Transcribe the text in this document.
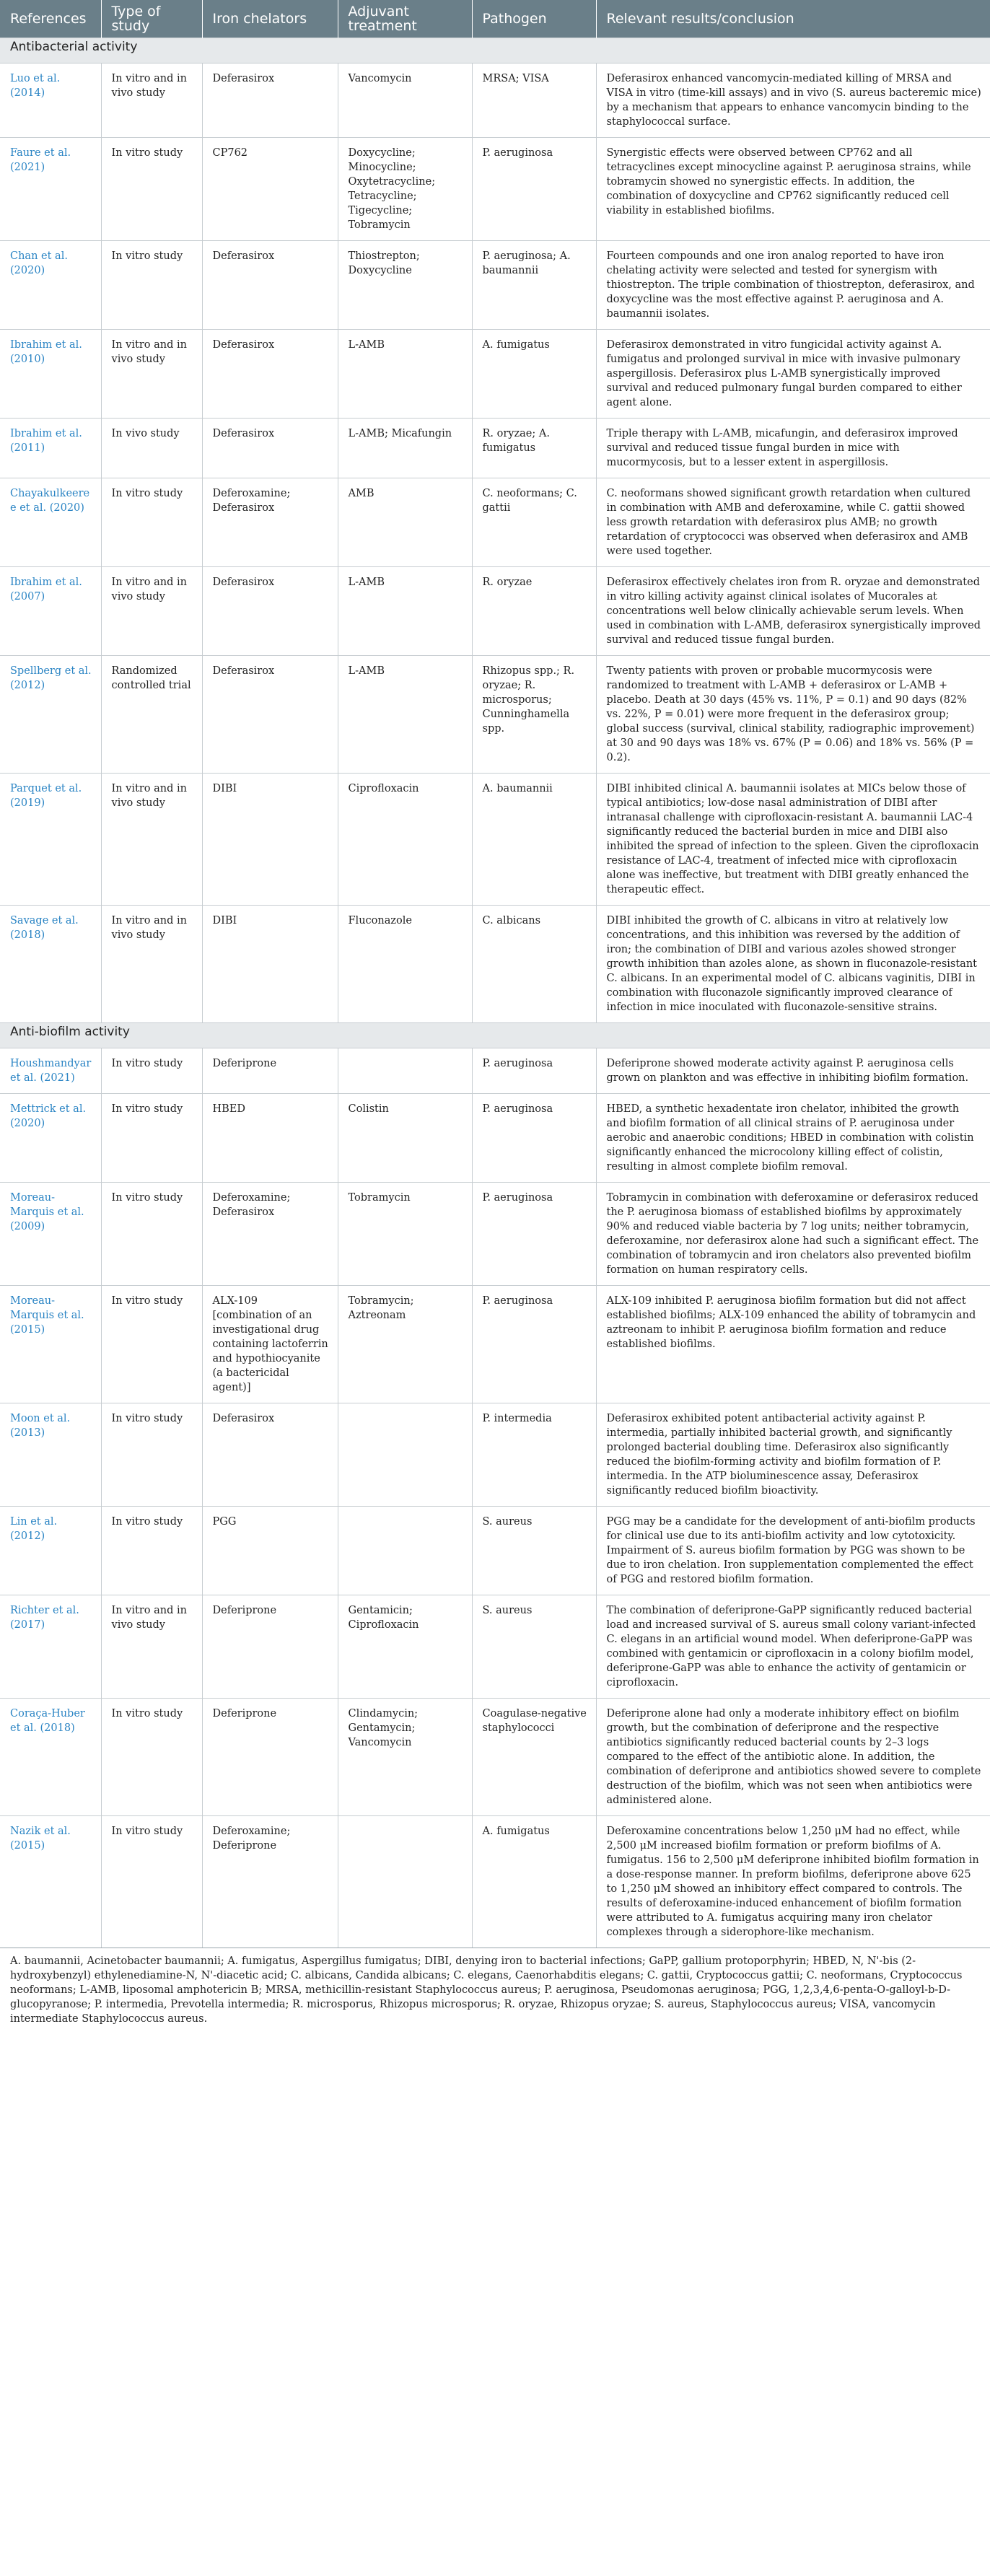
References	Type of study	Iron chelators	Adjuvant treatment	Pathogen	Relevant results/conclusion
Antibacterial activity					
Luo et al. (2014)	In vitro and in vivo study	Deferasirox	Vancomycin	MRSA; VISA	Deferasirox enhanced vancomycin-mediated killing of MRSA and VISA in vitro (time-kill assays) and in vivo (S. aureus bacteremic mice) by a mechanism that appears to enhance vancomycin binding to the staphylococcal surface.
Faure et al. (2021)	In vitro study	CP762	Doxycycline; Minocycline; Oxytetracycline; Tetracycline; Tigecycline; Tobramycin	P. aeruginosa	Synergistic effects were observed between CP762 and all tetracyclines except minocycline against P. aeruginosa strains, while tobramycin showed no synergistic effects. In addition, the combination of doxycycline and CP762 significantly reduced cell viability in established biofilms.
Chan et al. (2020)	In vitro study	Deferasirox	Thiostrepton; Doxycycline	P. aeruginosa; A. baumannii	Fourteen compounds and one iron analog reported to have iron chelating activity were selected and tested for synergism with thiostrepton. The triple combination of thiostrepton, deferasirox, and doxycycline was the most effective against P. aeruginosa and A. baumannii isolates.
Ibrahim et al. (2010)	In vitro and in vivo study	Deferasirox	L-AMB	A. fumigatus	Deferasirox demonstrated in vitro fungicidal activity against A. fumigatus and prolonged survival in mice with invasive pulmonary aspergillosis. Deferasirox plus L-AMB synergistically improved survival and reduced pulmonary fungal burden compared to either agent alone.
Ibrahim et al. (2011)	In vivo study	Deferasirox	L-AMB; Micafungin	R. oryzae; A. fumigatus	Triple therapy with L-AMB, micafungin, and deferasirox improved survival and reduced tissue fungal burden in mice with mucormycosis, but to a lesser extent in aspergillosis.
Chayakulkeeree et al. (2020)	In vitro study	Deferoxamine; Deferasirox	AMB	C. neoformans; C. gattii	C. neoformans showed significant growth retardation when cultured in combination with AMB and deferoxamine, while C. gattii showed less growth retardation with deferasirox plus AMB; no growth retardation of cryptococci was observed when deferasirox and AMB were used together.
Ibrahim et al. (2007)	In vitro and in vivo study	Deferasirox	L-AMB	R. oryzae	Deferasirox effectively chelates iron from R. oryzae and demonstrated in vitro killing activity against clinical isolates of Mucorales at concentrations well below clinically achievable serum levels. When used in combination with L-AMB, deferasirox synergistically improved survival and reduced tissue fungal burden.
Spellberg et al. (2012)	Randomized controlled trial	Deferasirox	L-AMB	Rhizopus spp.; R. oryzae; R. microsporus; Cunninghamella spp.	Twenty patients with proven or probable mucormycosis were randomized to treatment with L-AMB + deferasirox or L-AMB + placebo. Death at 30 days (45% vs. 11%, P = 0.1) and 90 days (82% vs. 22%, P = 0.01) were more frequent in the deferasirox group; global success (survival, clinical stability, radiographic improvement) at 30 and 90 days was 18% vs. 67% (P = 0.06) and 18% vs. 56% (P = 0.2).
Parquet et al. (2019)	In vitro and in vivo study	DIBI	Ciprofloxacin	A. baumannii	DIBI inhibited clinical A. baumannii isolates at MICs below those of typical antibiotics; low-dose nasal administration of DIBI after intranasal challenge with ciprofloxacin-resistant A. baumannii LAC-4 significantly reduced the bacterial burden in mice and DIBI also inhibited the spread of infection to the spleen. Given the ciprofloxacin resistance of LAC-4, treatment of infected mice with ciprofloxacin alone was ineffective, but treatment with DIBI greatly enhanced the therapeutic effect.
Savage et al. (2018)	In vitro and in vivo study	DIBI	Fluconazole	C. albicans	DIBI inhibited the growth of C. albicans in vitro at relatively low concentrations, and this inhibition was reversed by the addition of iron; the combination of DIBI and various azoles showed stronger growth inhibition than azoles alone, as shown in fluconazole-resistant C. albicans. In an experimental model of C. albicans vaginitis, DIBI in combination with fluconazole significantly improved clearance of infection in mice inoculated with fluconazole-sensitive strains.
Anti-biofilm activity					
Houshmandyar et al. (2021)	In vitro study	Deferiprone		P. aeruginosa	Deferiprone showed moderate activity against P. aeruginosa cells grown on plankton and was effective in inhibiting biofilm formation.
Mettrick et al. (2020)	In vitro study	HBED	Colistin	P. aeruginosa	HBED, a synthetic hexadentate iron chelator, inhibited the growth and biofilm formation of all clinical strains of P. aeruginosa under aerobic and anaerobic conditions; HBED in combination with colistin significantly enhanced the microcolony killing effect of colistin, resulting in almost complete biofilm removal.
Moreau-Marquis et al. (2009)	In vitro study	Deferoxamine; Deferasirox	Tobramycin	P. aeruginosa	Tobramycin in combination with deferoxamine or deferasirox reduced the P. aeruginosa biomass of established biofilms by approximately 90% and reduced viable bacteria by 7 log units; neither tobramycin, deferoxamine, nor deferasirox alone had such a significant effect. The combination of tobramycin and iron chelators also prevented biofilm formation on human respiratory cells.
Moreau-Marquis et al. (2015)	In vitro study	ALX-109 [combination of an investigational drug containing lactoferrin and hypothiocyanite (a bactericidal agent)]	Tobramycin; Aztreonam	P. aeruginosa	ALX-109 inhibited P. aeruginosa biofilm formation but did not affect established biofilms; ALX-109 enhanced the ability of tobramycin and aztreonam to inhibit P. aeruginosa biofilm formation and reduce established biofilms.
Moon et al. (2013)	In vitro study	Deferasirox		P. intermedia	Deferasirox exhibited potent antibacterial activity against P. intermedia, partially inhibited bacterial growth, and significantly prolonged bacterial doubling time. Deferasirox also significantly reduced the biofilm-forming activity and biofilm formation of P. intermedia. In the ATP bioluminescence assay, Deferasirox significantly reduced biofilm bioactivity.
Lin et al. (2012)	In vitro study	PGG		S. aureus	PGG may be a candidate for the development of anti-biofilm products for clinical use due to its anti-biofilm activity and low cytotoxicity. Impairment of S. aureus biofilm formation by PGG was shown to be due to iron chelation. Iron supplementation complemented the effect of PGG and restored biofilm formation.
Richter et al. (2017)	In vitro and in vivo study	Deferiprone	Gentamicin; Ciprofloxacin	S. aureus	The combination of deferiprone-GaPP significantly reduced bacterial load and increased survival of S. aureus small colony variant-infected C. elegans in an artificial wound model. When deferiprone-GaPP was combined with gentamicin or ciprofloxacin in a colony biofilm model, deferiprone-GaPP was able to enhance the activity of gentamicin or ciprofloxacin.
Coraça-Huber et al. (2018)	In vitro study	Deferiprone	Clindamycin; Gentamycin; Vancomycin	Coagulase-negative staphylococci	Deferiprone alone had only a moderate inhibitory effect on biofilm growth, but the combination of deferiprone and the respective antibiotics significantly reduced bacterial counts by 2–3 logs compared to the effect of the antibiotic alone. In addition, the combination of deferiprone and antibiotics showed severe to complete destruction of the biofilm, which was not seen when antibiotics were administered alone.
Nazik et al. (2015)	In vitro study	Deferoxamine; Deferiprone		A. fumigatus	Deferoxamine concentrations below 1,250 μM had no effect, while 2,500 μM increased biofilm formation or preform biofilms of A. fumigatus. 156 to 2,500 μM deferiprone inhibited biofilm formation in a dose-response manner. In preform biofilms, deferiprone above 625 to 1,250 μM showed an inhibitory effect compared to controls. The results of deferoxamine-induced enhancement of biofilm formation were attributed to A. fumigatus acquiring many iron chelator complexes through a siderophore-like mechanism.
A. baumannii, Acinetobacter baumannii; A. fumigatus, Aspergillus fumigatus; DIBI, denying iron to bacterial infections; GaPP, gallium protoporphyrin; HBED, N, N'-bis (2-hydroxybenzyl) ethylenediamine-N, N'-diacetic acid; C. albicans, Candida albicans; C. elegans, Caenorhabditis elegans; C. gattii, Cryptococcus gattii; C. neoformans, Cryptococcus neoformans; L-AMB, liposomal amphotericin B; MRSA, methicillin-resistant Staphylococcus aureus; P. aeruginosa, Pseudomonas aeruginosa; PGG, 1,2,3,4,6-penta-O-galloyl-b-D-glucopyranose; P. intermedia, Prevotella intermedia; R. microsporus, Rhizopus microsporus; R. oryzae, Rhizopus oryzae; S. aureus, Staphylococcus aureus; VISA, vancomycin intermediate Staphylococcus aureus.
